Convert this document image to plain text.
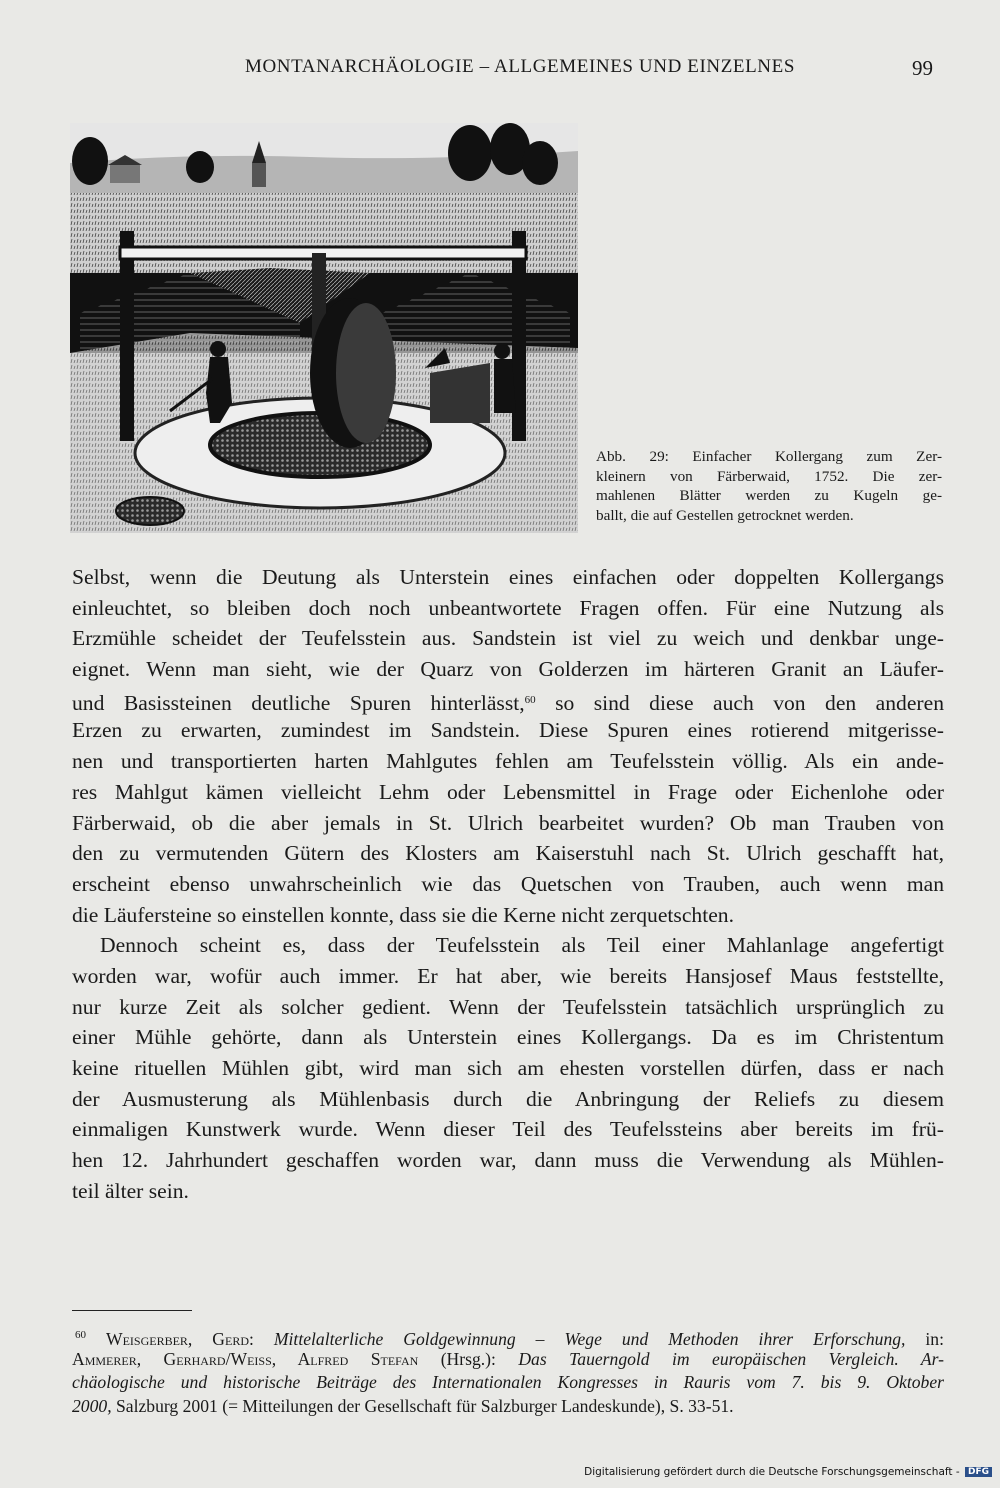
MONTANARCHÄOLOGIE – ALLGEMEINES UND EINZELNES	99
Abb. 29: Einfacher Kollergang zum Zer-
kleinern von Färberwaid, 1752. Die zer-
mahlenen Blätter werden zu Kugeln ge-
ballt, die auf Gestellen getrocknet werden.
Selbst, wenn die Deutung als Unterstein eines einfachen oder doppelten Kollergangs
einleuchtet, so bleiben doch noch unbeantwortete Fragen offen. Für eine Nutzung als
Erzmühle scheidet der Teufelsstein aus. Sandstein ist viel zu weich und denkbar unge-
eignet. Wenn man sieht, wie der Quarz von Golderzen im härteren Granit an Läufer-
und Basissteinen deutliche Spuren hinterlässt,$^{60}$ so sind diese auch von den anderen
Erzen zu erwarten, zumindest im Sandstein. Diese Spuren eines rotierend mitgerisse-
nen und transportierten harten Mahlgutes fehlen am Teufelsstein völlig. Als ein ande-
res Mahlgut kämen vielleicht Lehm oder Lebensmittel in Frage oder Eichenlohe oder
Färberwaid, ob die aber jemals in St. Ulrich bearbeitet wurden? Ob man Trauben von
den zu vermutenden Gütern des Klosters am Kaiserstuhl nach St. Ulrich geschafft hat,
erscheint ebenso unwahrscheinlich wie das Quetschen von Trauben, auch wenn man
die Läufersteine so einstellen konnte, dass sie die Kerne nicht zerquetschten.
Dennoch scheint es, dass der Teufelsstein als Teil einer Mahlanlage angefertigt
worden war, wofür auch immer. Er hat aber, wie bereits Hansjosef Maus feststellte,
nur kurze Zeit als solcher gedient. Wenn der Teufelsstein tatsächlich ursprünglich zu
einer Mühle gehörte, dann als Unterstein eines Kollergangs. Da es im Christentum
keine rituellen Mühlen gibt, wird man sich am ehesten vorstellen dürfen, dass er nach
der Ausmusterung als Mühlenbasis durch die Anbringung der Reliefs zu diesem
einmaligen Kunstwerk wurde. Wenn dieser Teil des Teufelssteins aber bereits im frü-
hen 12. Jahrhundert geschaffen worden war, dann muss die Verwendung als Mühlen-
teil älter sein.
$^{60}$ Weisgerber, Gerd: Mittelalterliche Goldgewinnung – Wege und Methoden ihrer Erforschung, in:
Ammerer, Gerhard/Weiss, Alfred Stefan (Hrsg.): Das Tauerngold im europäischen Vergleich. Ar-
chäologische und historische Beiträge des Internationalen Kongresses in Rauris vom 7. bis 9. Oktober
2000, Salzburg 2001 (= Mitteilungen der Gesellschaft für Salzburger Landeskunde), S. 33-51.
Digitalisierung gefördert durch die Deutsche Forschungsgemeinschaft - DFG
